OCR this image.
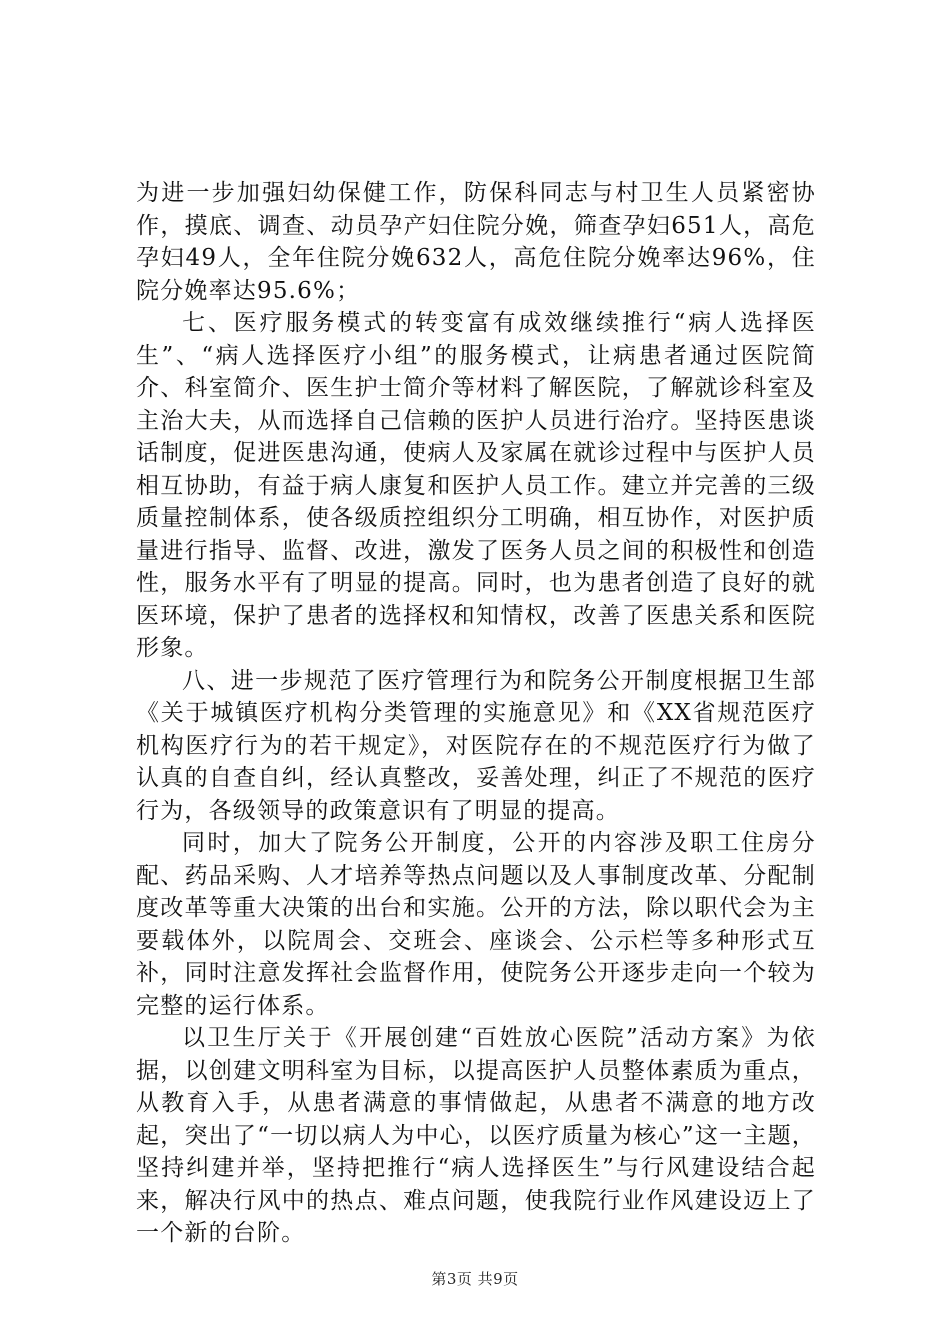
为进一步加强妇幼保健工作，防保科同志与村卫生人员紧密协作，摸底、调查、动员孕产妇住院分娩，筛查孕妇651人，高危孕妇49人，全年住院分娩632人，高危住院分娩率达96%，住院分娩率达95.6%；

七、医疗服务模式的转变富有成效继续推行“病人选择医生”、“病人选择医疗小组”的服务模式，让病患者通过医院简介、科室简介、医生护士简介等材料了解医院，了解就诊科室及主治大夫，从而选择自己信赖的医护人员进行治疗。坚持医患谈话制度，促进医患沟通，使病人及家属在就诊过程中与医护人员相互协助，有益于病人康复和医护人员工作。建立并完善的三级质量控制体系，使各级质控组织分工明确，相互协作，对医护质量进行指导、监督、改进，激发了医务人员之间的积极性和创造性，服务水平有了明显的提高。同时，也为患者创造了良好的就医环境，保护了患者的选择权和知情权，改善了医患关系和医院形象。

八、进一步规范了医疗管理行为和院务公开制度根据卫生部《关于城镇医疗机构分类管理的实施意见》和《XX省规范医疗机构医疗行为的若干规定》，对医院存在的不规范医疗行为做了认真的自查自纠，经认真整改，妥善处理，纠正了不规范的医疗行为，各级领导的政策意识有了明显的提高。

同时，加大了院务公开制度，公开的内容涉及职工住房分配、药品采购、人才培养等热点问题以及人事制度改革、分配制度改革等重大决策的出台和实施。公开的方法，除以职代会为主要载体外，以院周会、交班会、座谈会、公示栏等多种形式互补，同时注意发挥社会监督作用，使院务公开逐步走向一个较为完整的运行体系。

以卫生厅关于《开展创建“百姓放心医院”活动方案》为依据，以创建文明科室为目标，以提高医护人员整体素质为重点，从教育入手，从患者满意的事情做起，从患者不满意的地方改起，突出了“一切以病人为中心，以医疗质量为核心”这一主题，坚持纠建并举，坚持把推行“病人选择医生”与行风建设结合起来，解决行风中的热点、难点问题，使我院行业作风建设迈上了一个新的台阶。

第3页 共9页
